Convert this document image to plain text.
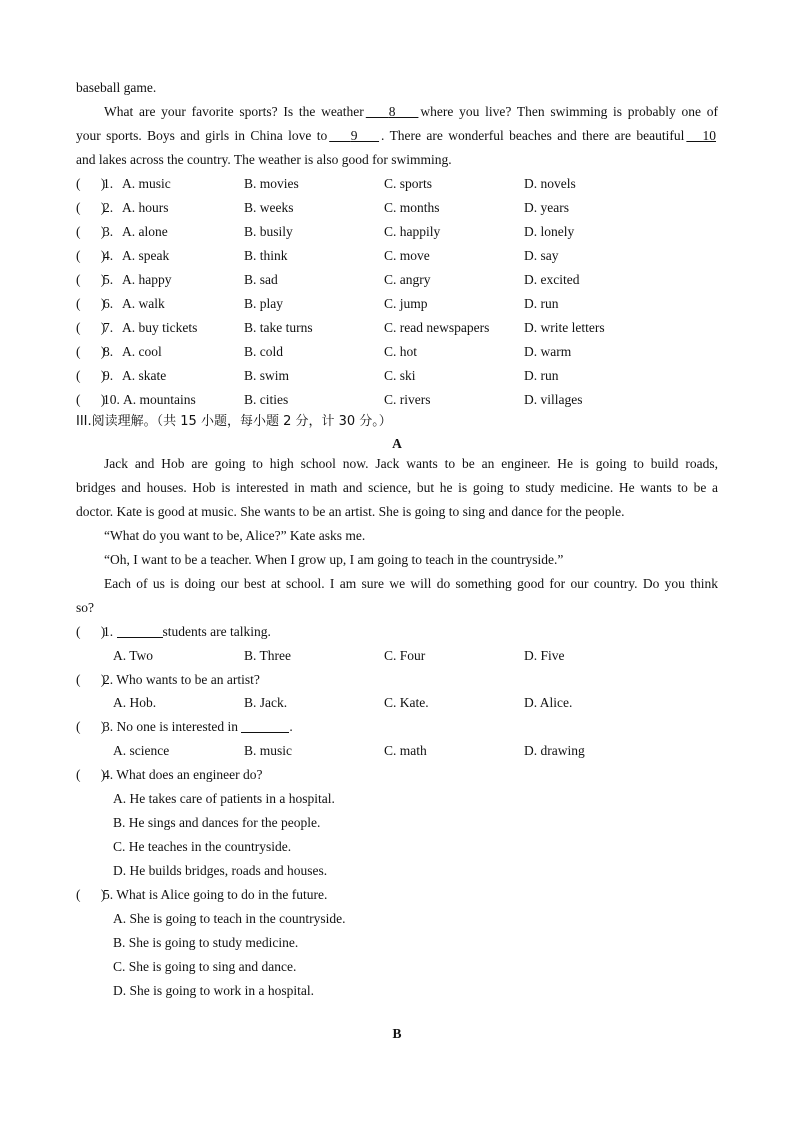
baseball game.
What are your favorite sports? Is the weather 8 where you live? Then swimming is probably one of
your sports. Boys and girls in China love to 9 . There are wonderful beaches and there are beautiful 10
and lakes across the country. The weather is also good for swimming.
(      )
1. A. music	B. movies	C. sports	D. novels
(      )
2. A. hours	B. weeks	C. months	D. years
(      )
3. A. alone	B. busily	C. happily	D. lonely
(      )
4. A. speak	B. think	C. move	D. say
(      )
5. A. happy	B. sad	C. angry	D. excited
(      )
6. A. walk	B. play	C. jump	D. run
(      )
7. A. buy tickets	B. take turns	C. read newspapers	D. write letters
(      )
8. A. cool	B. cold	C. hot	D. warm
(      )
9. A. skate	B. swim	C. ski	D. run
(      )
10. A. mountains	B. cities	C. rivers	D. villages
III.阅读理解。（共 15 小题，每小题 2 分，计 30 分。）
A
Jack and Hob are going to high school now. Jack wants to be an engineer. He is going to build roads,
bridges and houses. Hob is interested in math and science, but he is going to study medicine. He wants to be a
doctor. Kate is good at music. She wants to be an artist. She is going to sing and dance for the people.
“What do you want to be, Alice?” Kate asks me.
“Oh, I want to be a teacher. When I grow up, I am going to teach in the countryside.”
Each of us is doing our best at school. I am sure we will do something good for our country. Do you think
so?
(      )
1.	students are talking.
A. Two	B. Three	C. Four	D. Five
(      )
2. Who wants to be an artist?
A. Hob.	B. Jack.	C. Kate.	D. Alice.
(      )
3. No one is interested in	.
A. science	B. music	C. math	D. drawing
(      )
4. What does an engineer do?
A. He takes care of patients in a hospital.
B. He sings and dances for the people.
C. He teaches in the countryside.
D. He builds bridges, roads and houses.
(      )
5. What is Alice going to do in the future.
A. She is going to teach in the countryside.
B. She is going to study medicine.
C. She is going to sing and dance.
D. She is going to work in a hospital.
B
